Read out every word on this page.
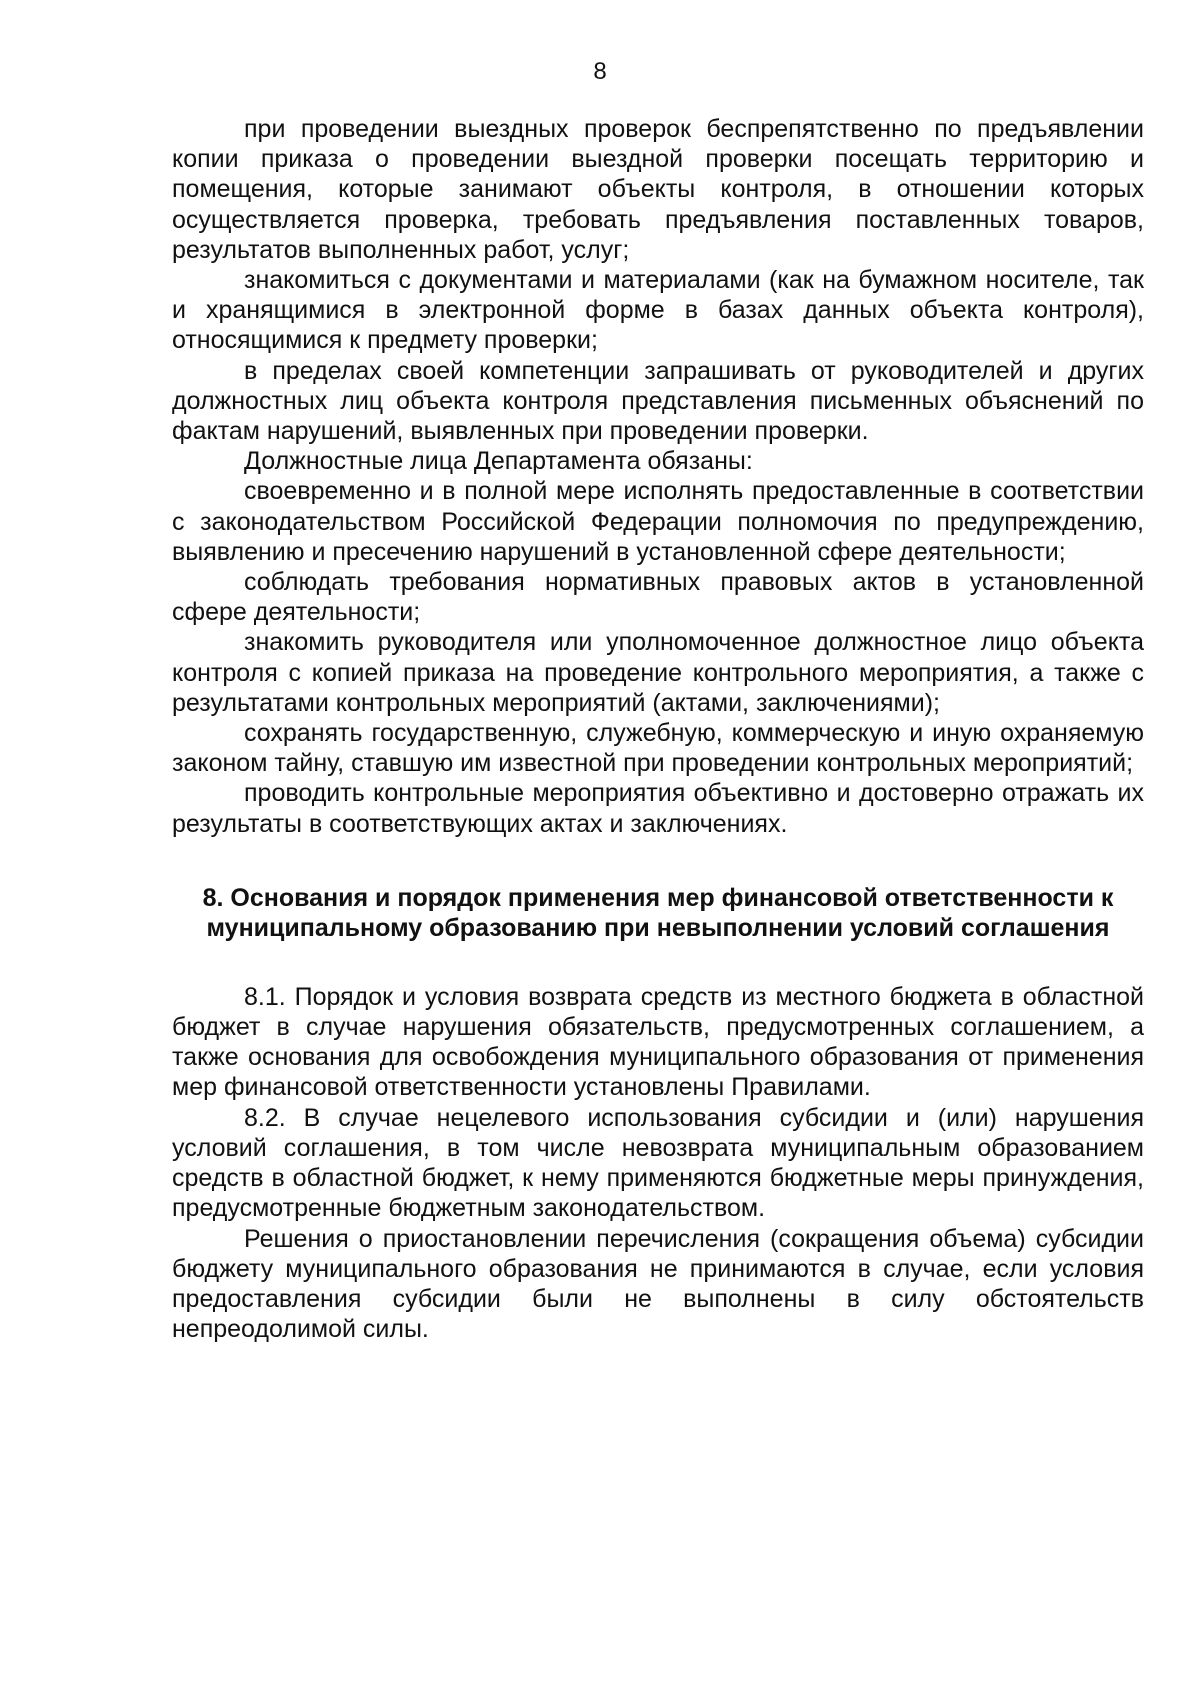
8

при проведении выездных проверок беспрепятственно по предъявлении копии приказа о проведении выездной проверки посещать территорию и помещения, которые занимают объекты контроля, в отношении которых осуществляется проверка, требовать предъявления поставленных товаров, результатов выполненных работ, услуг;

знакомиться с документами и материалами (как на бумажном носителе, так и хранящимися в электронной форме в базах данных объекта контроля), относящимися к предмету проверки;

в пределах своей компетенции запрашивать от руководителей и других должностных лиц объекта контроля представления письменных объяснений по фактам нарушений, выявленных при проведении проверки.

Должностные лица Департамента обязаны:

своевременно и в полной мере исполнять предоставленные в соответствии с законодательством Российской Федерации полномочия по предупреждению, выявлению и пресечению нарушений в установленной сфере деятельности;

соблюдать требования нормативных правовых актов в установленной сфере деятельности;

знакомить руководителя или уполномоченное должностное лицо объекта контроля с копией приказа на проведение контрольного мероприятия, а также с результатами контрольных мероприятий (актами, заключениями);

сохранять государственную, служебную, коммерческую и иную охраняемую законом тайну, ставшую им известной при проведении контрольных мероприятий;

проводить контрольные мероприятия объективно и достоверно отражать их результаты в соответствующих актах и заключениях.

8. Основания и порядок применения мер финансовой ответственности к муниципальному образованию при невыполнении условий соглашения

8.1. Порядок и условия возврата средств из местного бюджета в областной бюджет в случае нарушения обязательств, предусмотренных соглашением, а также основания для освобождения муниципального образования от применения мер финансовой ответственности установлены Правилами.

8.2. В случае нецелевого использования субсидии и (или) нарушения условий соглашения, в том числе невозврата муниципальным образованием средств в областной бюджет, к нему применяются бюджетные меры принуждения, предусмотренные бюджетным законодательством.

Решения о приостановлении перечисления (сокращения объема) субсидии бюджету муниципального образования не принимаются в случае, если условия предоставления субсидии были не выполнены в силу обстоятельств непреодолимой силы.
